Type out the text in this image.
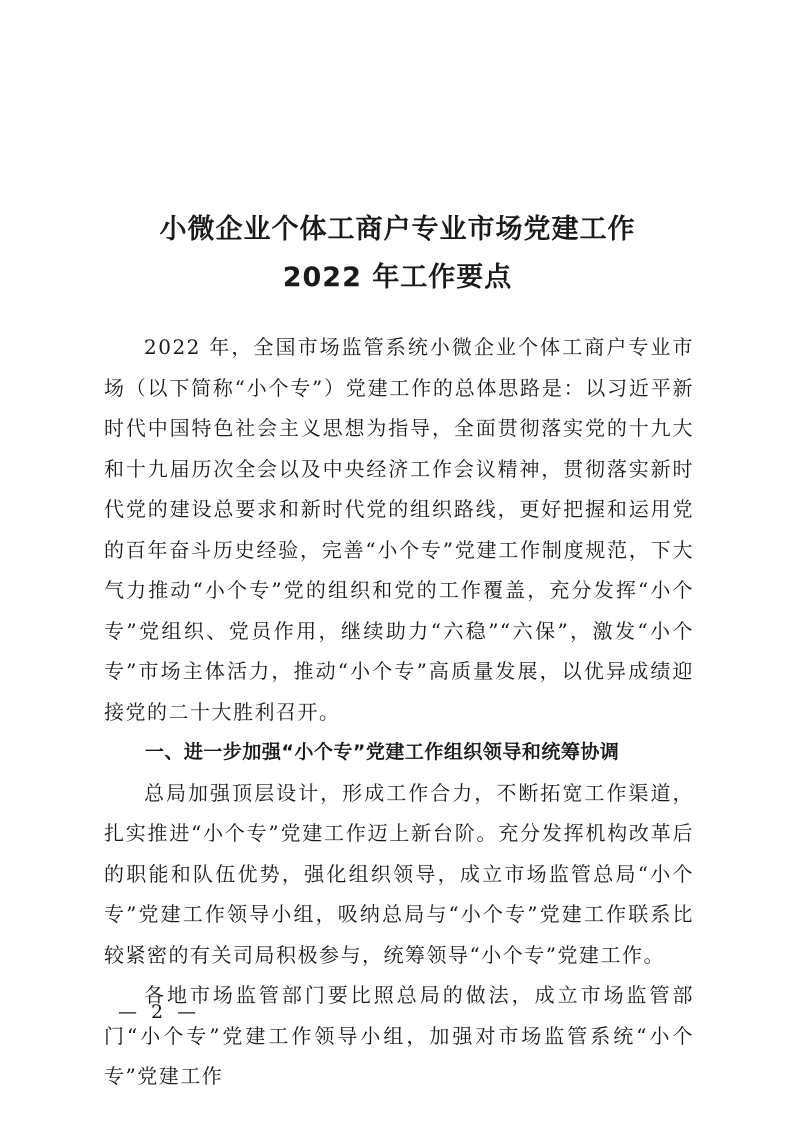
小微企业个体工商户专业市场党建工作
2022 年工作要点

2022 年，全国市场监管系统小微企业个体工商户专业市场（以下简称“小个专”）党建工作的总体思路是：以习近平新时代中国特色社会主义思想为指导，全面贯彻落实党的十九大和十九届历次全会以及中央经济工作会议精神，贯彻落实新时代党的建设总要求和新时代党的组织路线，更好把握和运用党的百年奋斗历史经验，完善“小个专”党建工作制度规范，下大气力推动“小个专”党的组织和党的工作覆盖，充分发挥“小个专”党组织、党员作用，继续助力“六稳”“六保”，激发“小个专”市场主体活力，推动“小个专”高质量发展，以优异成绩迎接党的二十大胜利召开。

一、进一步加强“小个专”党建工作组织领导和统筹协调

总局加强顶层设计，形成工作合力，不断拓宽工作渠道，扎实推进“小个专”党建工作迈上新台阶。充分发挥机构改革后的职能和队伍优势，强化组织领导，成立市场监管总局“小个专”党建工作领导小组，吸纳总局与“小个专”党建工作联系比较紧密的有关司局积极参与，统筹领导“小个专”党建工作。

各地市场监管部门要比照总局的做法，成立市场监管部门“小个专”党建工作领导小组，加强对市场监管系统“小个专”党建工作

— 2 —
